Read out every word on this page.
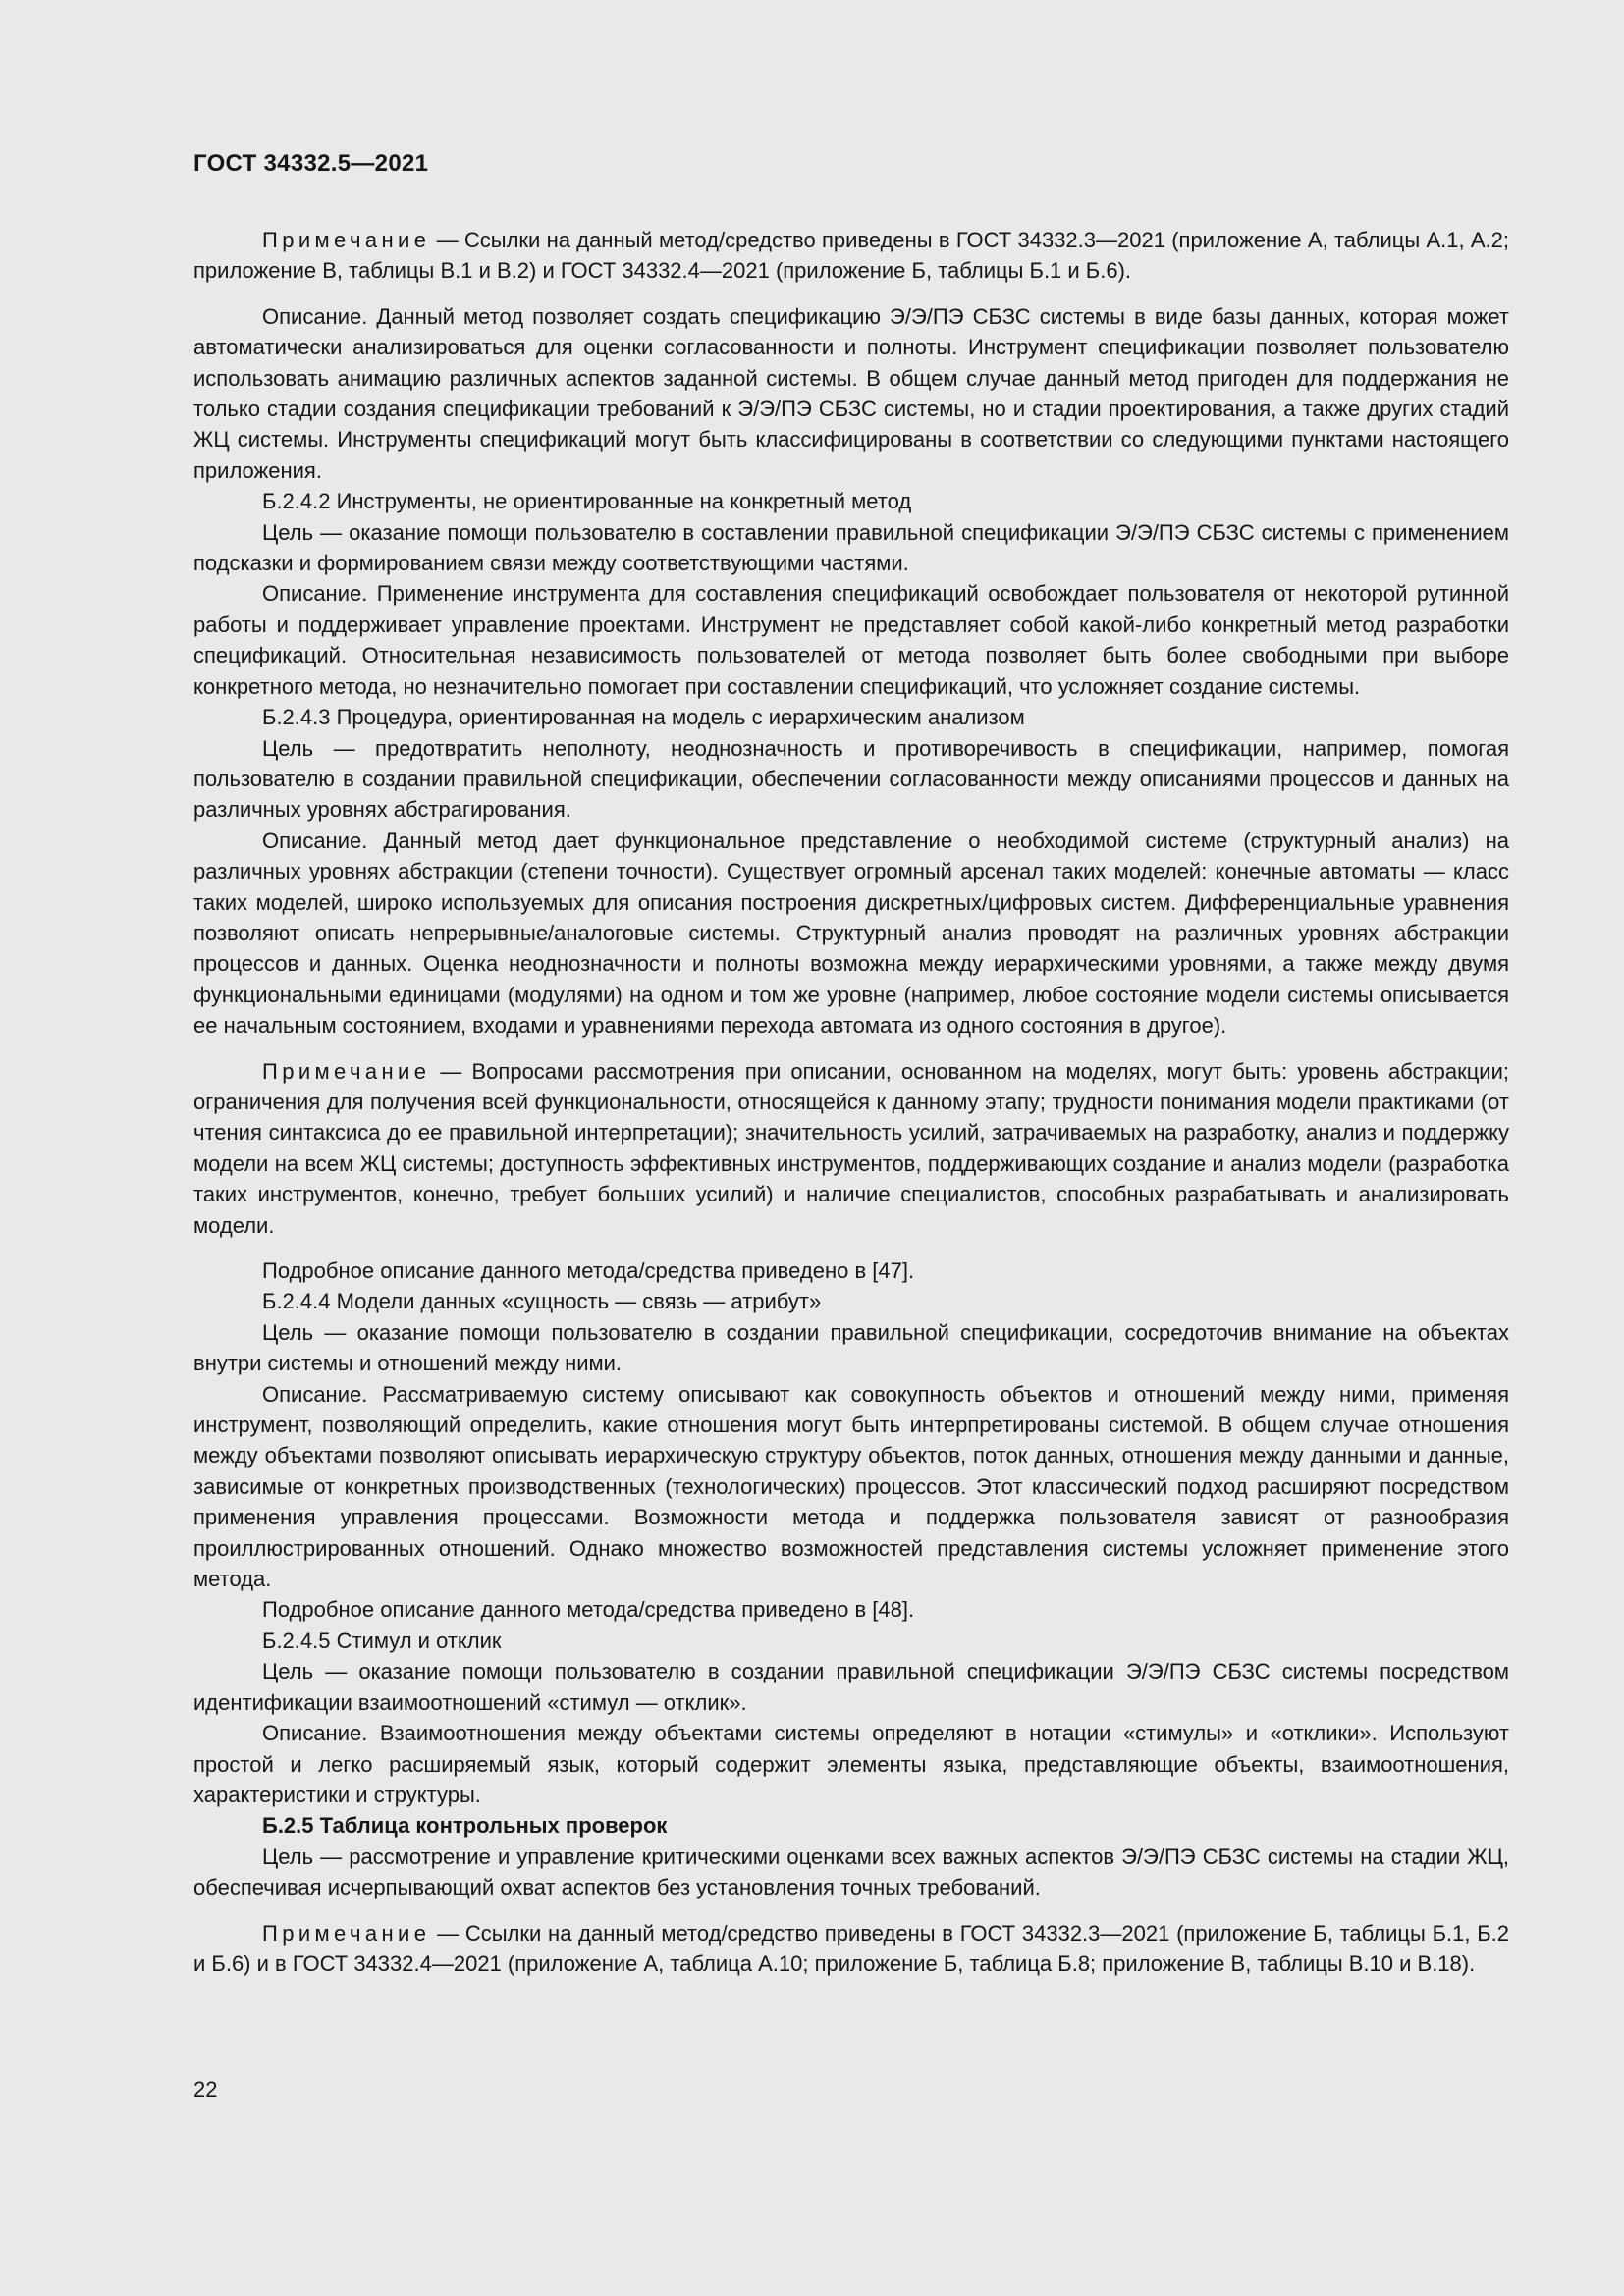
ГОСТ 34332.5—2021

Примечание — Ссылки на данный метод/средство приведены в ГОСТ 34332.3—2021 (приложение А, таблицы А.1, А.2; приложение В, таблицы В.1 и В.2) и ГОСТ 34332.4—2021 (приложение Б, таблицы Б.1 и Б.6).

Описание. Данный метод позволяет создать спецификацию Э/Э/ПЭ СБЗС системы в виде базы данных, которая может автоматически анализироваться для оценки согласованности и полноты. Инструмент спецификации позволяет пользователю использовать анимацию различных аспектов заданной системы. В общем случае данный метод пригоден для поддержания не только стадии создания спецификации требований к Э/Э/ПЭ СБЗС системы, но и стадии проектирования, а также других стадий ЖЦ системы. Инструменты спецификаций могут быть классифицированы в соответствии со следующими пунктами настоящего приложения.

Б.2.4.2 Инструменты, не ориентированные на конкретный метод

Цель — оказание помощи пользователю в составлении правильной спецификации Э/Э/ПЭ СБЗС системы с применением подсказки и формированием связи между соответствующими частями.

Описание. Применение инструмента для составления спецификаций освобождает пользователя от некоторой рутинной работы и поддерживает управление проектами. Инструмент не представляет собой какой-либо конкретный метод разработки спецификаций. Относительная независимость пользователей от метода позволяет быть более свободными при выборе конкретного метода, но незначительно помогает при составлении спецификаций, что усложняет создание системы.

Б.2.4.3 Процедура, ориентированная на модель с иерархическим анализом

Цель — предотвратить неполноту, неоднозначность и противоречивость в спецификации, например, помогая пользователю в создании правильной спецификации, обеспечении согласованности между описаниями процессов и данных на различных уровнях абстрагирования.

Описание. Данный метод дает функциональное представление о необходимой системе (структурный анализ) на различных уровнях абстракции (степени точности). Существует огромный арсенал таких моделей: конечные автоматы — класс таких моделей, широко используемых для описания построения дискретных/цифровых систем. Дифференциальные уравнения позволяют описать непрерывные/аналоговые системы. Структурный анализ проводят на различных уровнях абстракции процессов и данных. Оценка неоднозначности и полноты возможна между иерархическими уровнями, а также между двумя функциональными единицами (модулями) на одном и том же уровне (например, любое состояние модели системы описывается ее начальным состоянием, входами и уравнениями перехода автомата из одного состояния в другое).

Примечание — Вопросами рассмотрения при описании, основанном на моделях, могут быть: уровень абстракции; ограничения для получения всей функциональности, относящейся к данному этапу; трудности понимания модели практиками (от чтения синтаксиса до ее правильной интерпретации); значительность усилий, затрачиваемых на разработку, анализ и поддержку модели на всем ЖЦ системы; доступность эффективных инструментов, поддерживающих создание и анализ модели (разработка таких инструментов, конечно, требует больших усилий) и наличие специалистов, способных разрабатывать и анализировать модели.

Подробное описание данного метода/средства приведено в [47].

Б.2.4.4 Модели данных «сущность — связь — атрибут»

Цель — оказание помощи пользователю в создании правильной спецификации, сосредоточив внимание на объектах внутри системы и отношений между ними.

Описание. Рассматриваемую систему описывают как совокупность объектов и отношений между ними, применяя инструмент, позволяющий определить, какие отношения могут быть интерпретированы системой. В общем случае отношения между объектами позволяют описывать иерархическую структуру объектов, поток данных, отношения между данными и данные, зависимые от конкретных производственных (технологических) процессов. Этот классический подход расширяют посредством применения управления процессами. Возможности метода и поддержка пользователя зависят от разнообразия проиллюстрированных отношений. Однако множество возможностей представления системы усложняет применение этого метода.

Подробное описание данного метода/средства приведено в [48].

Б.2.4.5 Стимул и отклик

Цель — оказание помощи пользователю в создании правильной спецификации Э/Э/ПЭ СБЗС системы посредством идентификации взаимоотношений «стимул — отклик».

Описание. Взаимоотношения между объектами системы определяют в нотации «стимулы» и «отклики». Используют простой и легко расширяемый язык, который содержит элементы языка, представляющие объекты, взаимоотношения, характеристики и структуры.

Б.2.5 Таблица контрольных проверок

Цель — рассмотрение и управление критическими оценками всех важных аспектов Э/Э/ПЭ СБЗС системы на стадии ЖЦ, обеспечивая исчерпывающий охват аспектов без установления точных требований.

Примечание — Ссылки на данный метод/средство приведены в ГОСТ 34332.3—2021 (приложение Б, таблицы Б.1, Б.2 и Б.6) и в ГОСТ 34332.4—2021 (приложение А, таблица А.10; приложение Б, таблица Б.8; приложение В, таблицы В.10 и В.18).

22
